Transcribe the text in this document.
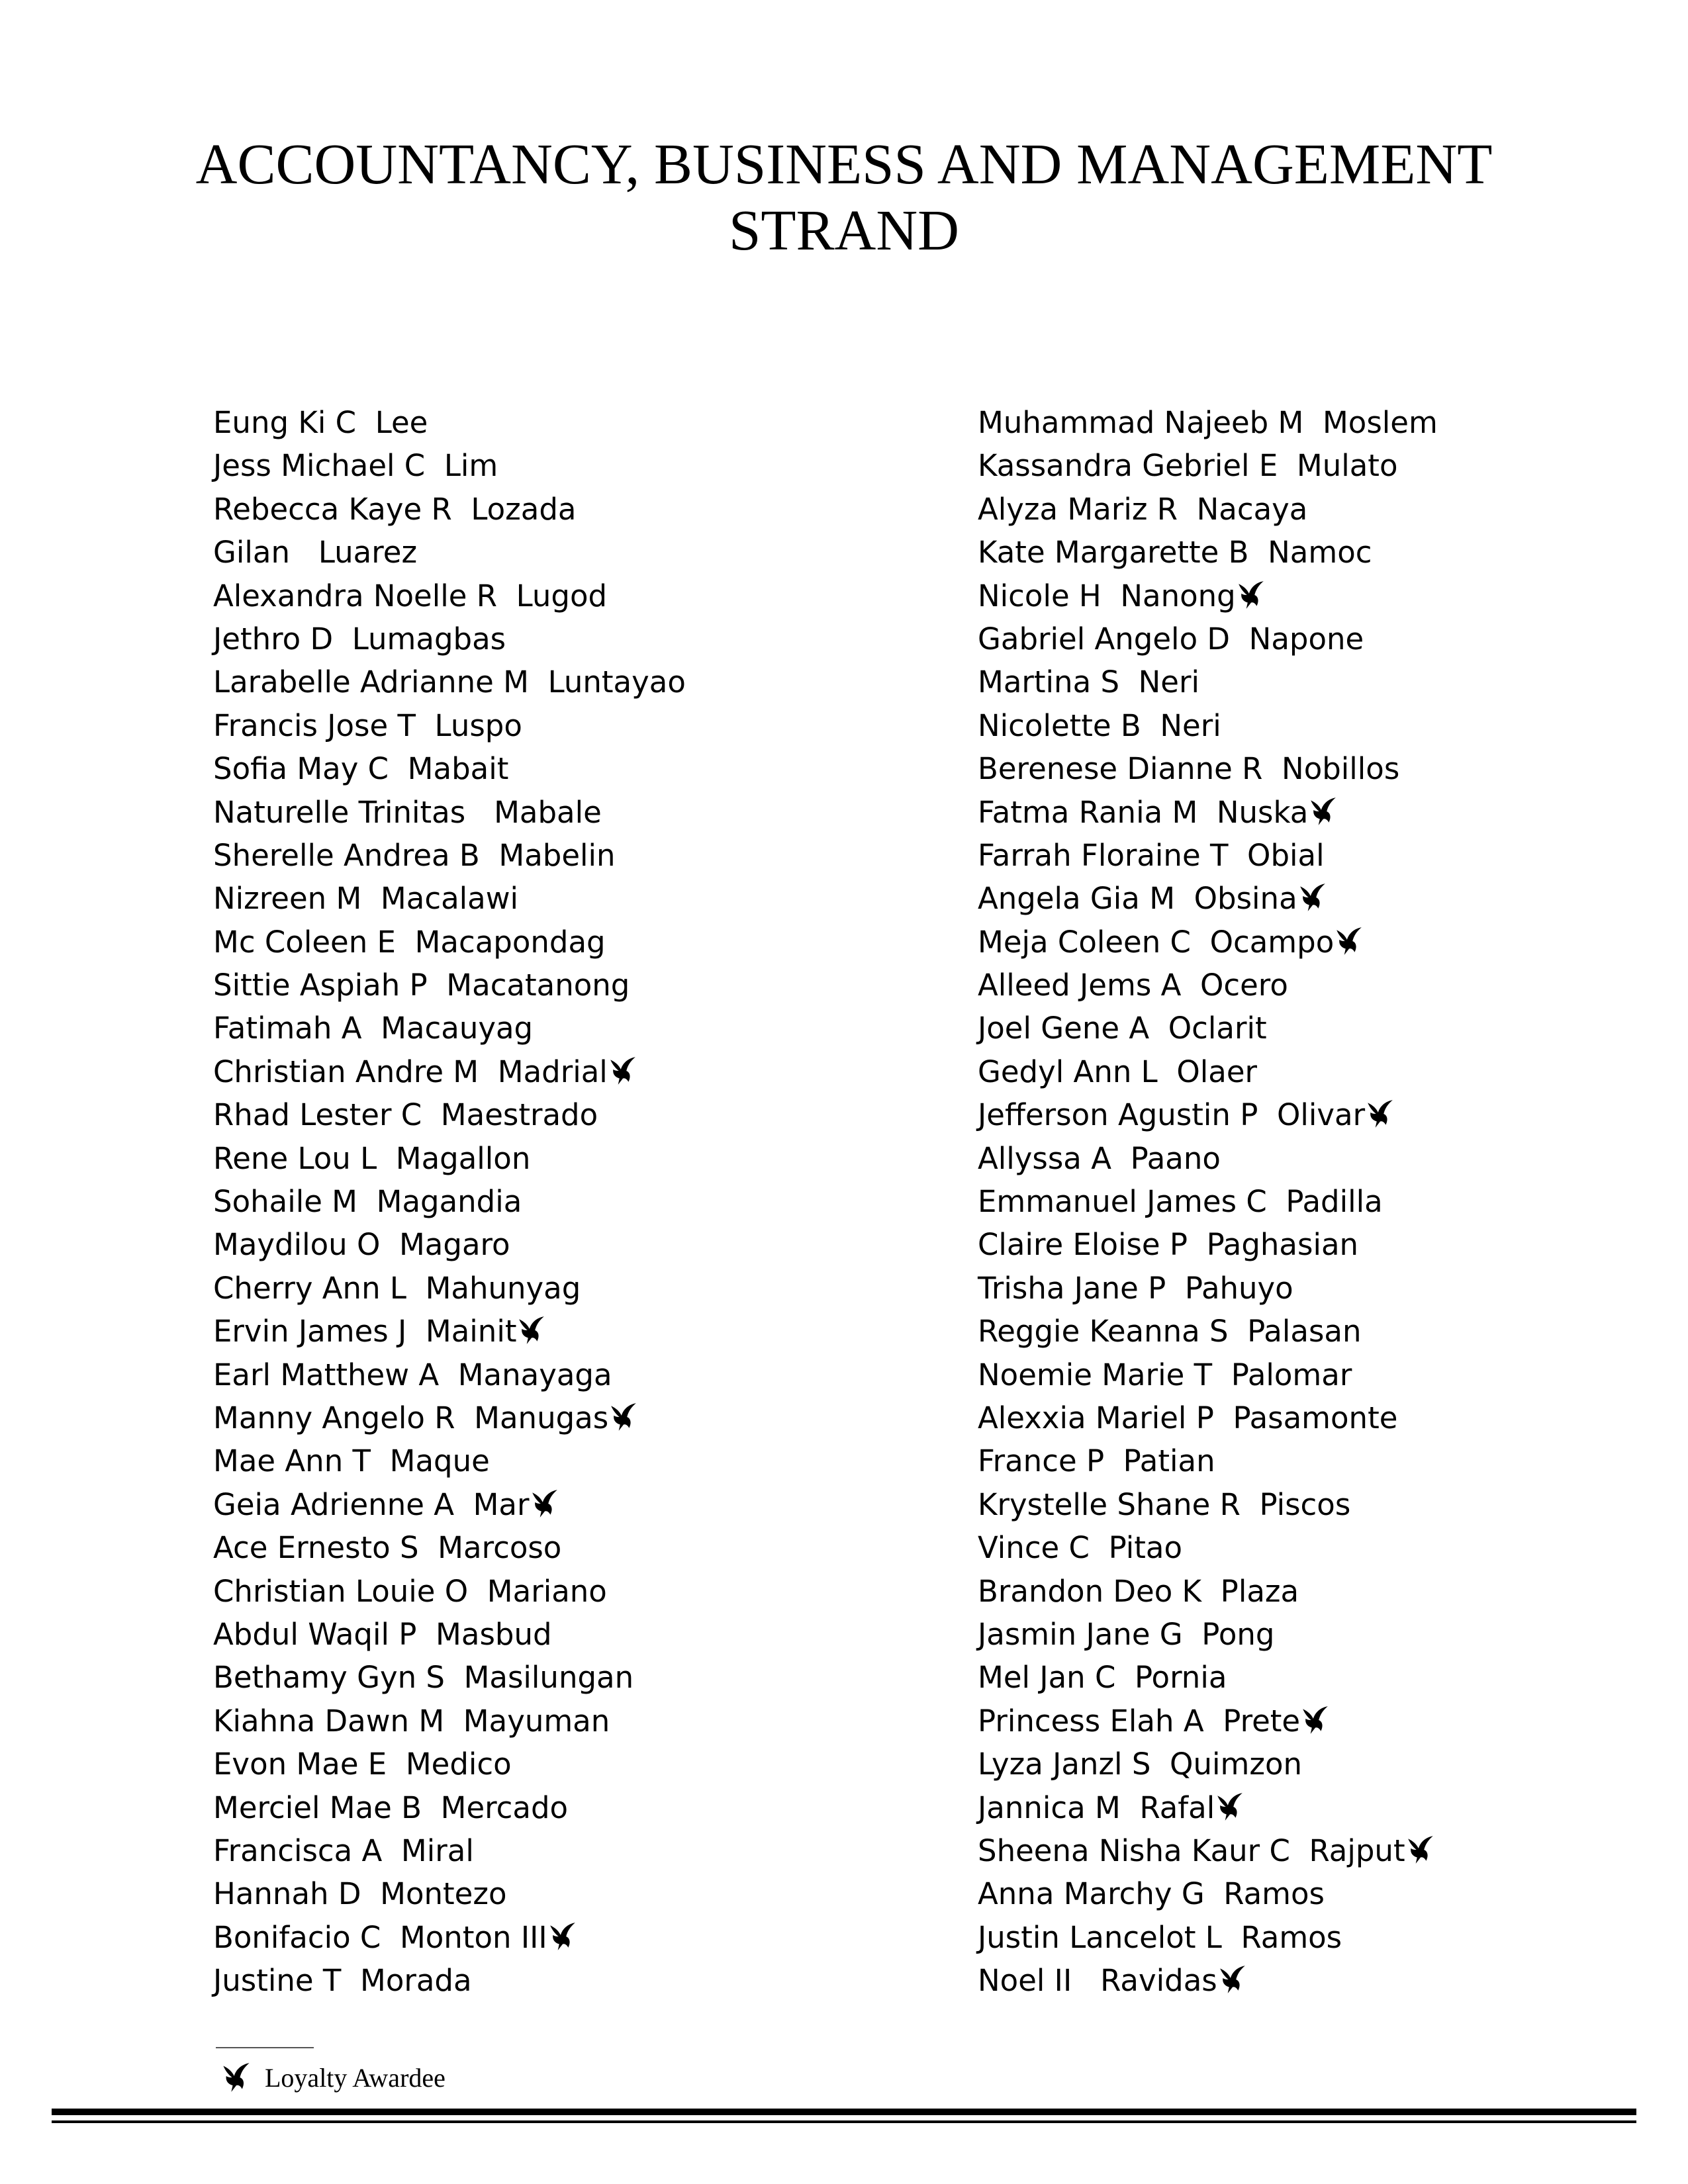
ACCOUNTANCY, BUSINESS AND MANAGEMENT
STRAND
Eung Ki C  Lee
Jess Michael C  Lim
Rebecca Kaye R  Lozada
Gilan   Luarez
Alexandra Noelle R  Lugod
Jethro D  Lumagbas
Larabelle Adrianne M  Luntayao
Francis Jose T  Luspo
Sofia May C  Mabait
Naturelle Trinitas   Mabale
Sherelle Andrea B  Mabelin
Nizreen M  Macalawi
Mc Coleen E  Macapondag
Sittie Aspiah P  Macatanong
Fatimah A  Macauyag
Christian Andre M  Madrial
Rhad Lester C  Maestrado
Rene Lou L  Magallon
Sohaile M  Magandia
Maydilou O  Magaro
Cherry Ann L  Mahunyag
Ervin James J  Mainit
Earl Matthew A  Manayaga
Manny Angelo R  Manugas
Mae Ann T  Maque
Geia Adrienne A  Mar
Ace Ernesto S  Marcoso
Christian Louie O  Mariano
Abdul Waqil P  Masbud
Bethamy Gyn S  Masilungan
Kiahna Dawn M  Mayuman
Evon Mae E  Medico
Merciel Mae B  Mercado
Francisca A  Miral
Hannah D  Montezo
Bonifacio C  Monton III
Justine T  Morada
Muhammad Najeeb M  Moslem
Kassandra Gebriel E  Mulato
Alyza Mariz R  Nacaya
Kate Margarette B  Namoc
Nicole H  Nanong
Gabriel Angelo D  Napone
Martina S  Neri
Nicolette B  Neri
Berenese Dianne R  Nobillos
Fatma Rania M  Nuska
Farrah Floraine T  Obial
Angela Gia M  Obsina
Meja Coleen C  Ocampo
Alleed Jems A  Ocero
Joel Gene A  Oclarit
Gedyl Ann L  Olaer
Jefferson Agustin P  Olivar
Allyssa A  Paano
Emmanuel James C  Padilla
Claire Eloise P  Paghasian
Trisha Jane P  Pahuyo
Reggie Keanna S  Palasan
Noemie Marie T  Palomar
Alexxia Mariel P  Pasamonte
France P  Patian
Krystelle Shane R  Piscos
Vince C  Pitao
Brandon Deo K  Plaza
Jasmin Jane G  Pong
Mel Jan C  Pornia
Princess Elah A  Prete
Lyza Janzl S  Quimzon
Jannica M  Rafal
Sheena Nisha Kaur C  Rajput
Anna Marchy G  Ramos
Justin Lancelot L  Ramos
Noel II   Ravidas
Loyalty Awardee
